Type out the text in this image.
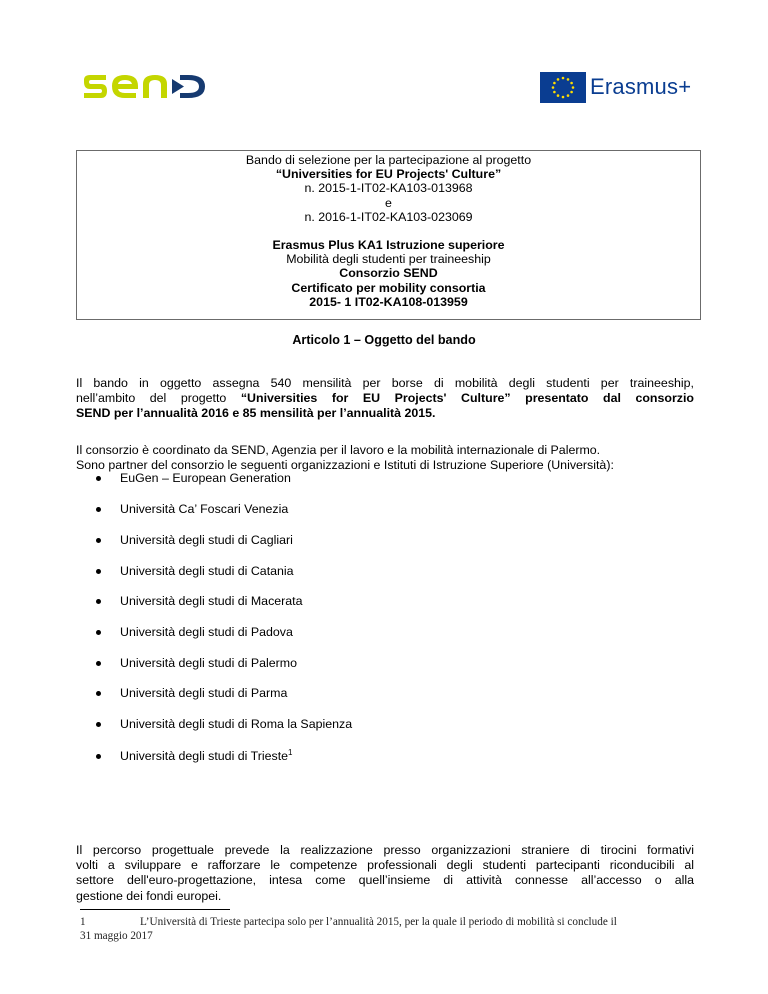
Erasmus+
Bando di selezione per la partecipazione al progetto
“Universities for EU Projects' Culture”
n. 2015-1-IT02-KA103-013968
e
n. 2016-1-IT02-KA103-023069
Erasmus Plus KA1 Istruzione superiore
Mobilità degli studenti per traineeship
Consorzio SEND
Certificato per mobility consortia
2015- 1 IT02-KA108-013959
Articolo 1 – Oggetto del bando
Il bando in oggetto assegna 540 mensilità per borse di mobilità degli studenti per traineeship,
nell’ambito del progetto “Universities for EU Projects' Culture” presentato dal consorzio
SEND per l’annualità 2016 e 85 mensilità per l’annualità 2015.
Il consorzio è coordinato da SEND, Agenzia per il lavoro e la mobilità internazionale di Palermo.
Sono partner del consorzio le seguenti organizzazioni e Istituti di Istruzione Superiore (Università):
EuGen – European Generation
Università Ca’ Foscari Venezia
Università degli studi di Cagliari
Università degli studi di Catania
Università degli studi di Macerata
Università degli studi di Padova
Università degli studi di Palermo
Università degli studi di Parma
Università degli studi di Roma la Sapienza
Università degli studi di Trieste$^1$
Il percorso progettuale prevede la realizzazione presso organizzazioni straniere di tirocini formativi
volti a sviluppare e rafforzare le competenze professionali degli studenti partecipanti riconducibili al
settore dell'euro-progettazione, intesa come quell’insieme di attività connesse all’accesso o alla
gestione dei fondi europei.
1	L’Università di Trieste partecipa solo per l’annualità 2015, per la quale il periodo di mobilità si conclude il
31 maggio 2017
